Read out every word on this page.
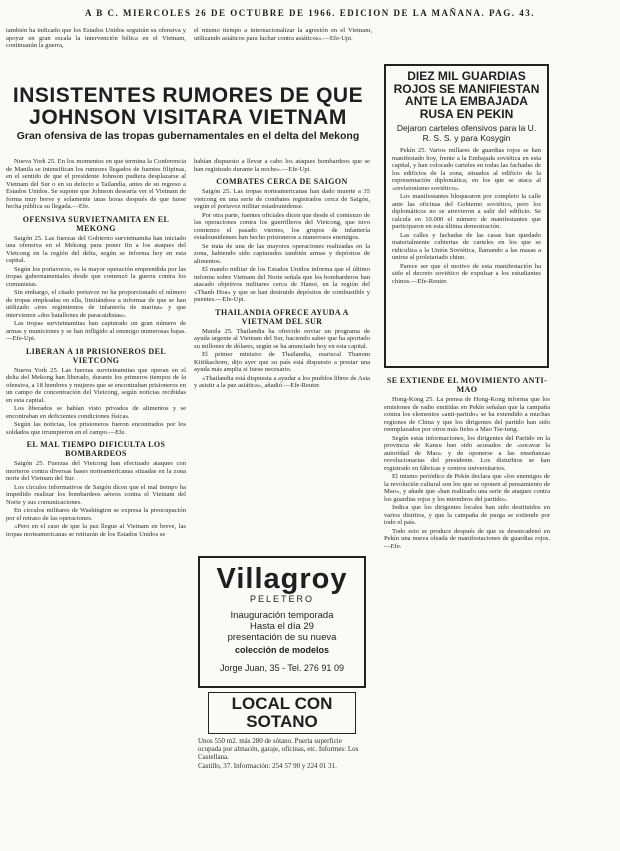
A B C. MIERCOLES 26 DE OCTUBRE DE 1966. EDICION DE LA MAÑANA. PAG. 43.

también ha indicado que los Estados Unidos seguirán su ofensiva y apoyar en gran escala la intervención bélica en el Vietnam, continuarán la guerra,

el mismo tiempo a internacionalizar la agresión en el Vietnam, utilizando asiáticos para luchar contra asiáticos».—Efe-Upi.

INSISTENTES RUMORES DE QUE JOHNSON VISITARA VIETNAM
Gran ofensiva de las tropas gubernamentales en el delta del Mekong

Nueva York 25. En los momentos en que termina la Conferencia de Manila se intensifican los rumores llegados de fuentes filipinas, en el sentido de que el presidente Johnson pudiera desplazarse al Vietnam del Sur o en su defecto a Tailandia, antes de su regreso a Estados Unidos. Se supone que Johnson desearía ver el Vietnam de forma muy breve y solamente unas horas después de que fuese hecha pública su llegada.—Efe.

OFENSIVA SURVIETNAMITA EN EL MEKONG

Saigón 25. Las fuerzas del Gobierno survietnamita han iniciado una ofensiva en el Mekong para poner fin a los ataques del Vietcong en la región del delta, según se informa hoy en esta capital.

Según los portavoces, es la mayor operación emprendida por las tropas gubernamentales desde que comenzó la guerra contra los comunistas.

Sin embargo, el citado portavoz no ha proporcionado el número de tropas empleadas en ella, limitándose a informar de que se han utilizado «tres regimientos de infantería de marina» y que intervienen «dos batallones de paracaidistas».

Las tropas survietnamitas han capturado un gran número de armas y municiones y se han infligido al enemigo numerosas bajas.—Efe-Upi.

LIBERAN A 18 PRISIONEROS DEL VIETCONG

Nueva York 25. Las fuerzas survietnamitas que operan en el delta del Mekong han liberado, durante los primeros tiempos de la ofensiva, a 18 hombres y mujeres que se encontraban prisioneros en un campo de concentración del Vietcong, según noticias recibidas en esta capital.

Los liberados se habían visto privados de alimentos y se encontraban en deficientes condiciones físicas.

Según las noticias, los prisioneros fueron encontrados por los soldados que irrumpieron en el campo.—Efe.

EL MAL TIEMPO DIFICULTA LOS BOMBARDEOS

Saigón 25. Fuerzas del Vietcong han efectuado ataques con morteros contra diversas bases norteamericanas situadas en la zona norte del Vietnam del Sur.

Los círculos informativos de Saigón dicen que el mal tiempo ha impedido realizar los bombardeos aéreos contra el Vietnam del Norte y sus comunicaciones.

En círculos militares de Washington se expresa la preocupación por el retraso de las operaciones.

«Pero en el caso de que la paz llegue al Vietnam en breve, las tropas norteamericanas se retirarán de los Estados Unidos se

habían dispuesto a llevar a cabo los ataques bombardeos que se han registrado durante la noche».—Efe-Upi.

COMBATES CERCA DE SAIGON

Saigón 25. Las tropas norteamericanas han dado muerte a 35 vietcong en una serie de combates registrados cerca de Saigón, según el portavoz militar estadounidense.

Por otra parte, fuentes oficiales dicen que desde el comienzo de las operaciones contra los guerrilleros del Vietcong, que tuvo comienzo el pasado viernes, los grupos de infantería estadounidenses han hecho prisioneros a numerosos enemigos.

Se trata de una de las mayores operaciones realizadas en la zona, habiendo sido capturados también armas y depósitos de alimentos.

El mando militar de los Estados Unidos informa que el último informe sobre Vietnam del Norte señala que los bombarderos han atacado objetivos militares cerca de Hanoi, en la región del «Thanh Hoa» y que se han destruido depósitos de combustible y puentes.—Efe-Upi.

THAILANDIA OFRECE AYUDA A VIETNAM DEL SUR

Manila 25. Thailandia ha ofrecido enviar un programa de ayuda urgente al Vietnam del Sur, haciendo saber que ha aportado su millones de dólares, según se ha anunciado hoy en esta capital.

El primer ministro de Thailandia, mariscal Thanom Kittikachorn, dijo ayer que su país está dispuesto a prestar una ayuda más amplia si fuese necesario.

«Thailandia está dispuesta a ayudar a los pueblos libres de Asia y asistir a la paz asiática», añadió.—Efe-Reuter.

DIEZ MIL GUARDIAS ROJOS SE MANIFIESTAN ANTE LA EMBAJADA RUSA EN PEKIN
Dejaron carteles ofensivos para la U. R. S. S. y para Kosygin

Pekín 25. Varios millares de guardias rojos se han manifestado hoy, frente a la Embajada soviética en esta capital, y han colocado carteles en todas las fachadas de los edificios de la zona, situados al edificio de la representación diplomática, en los que se ataca al «revisionismo soviético».

Los manifestantes bloquearon por completo la calle ante las oficinas del Gobierno soviético, pero los diplomáticos no se atrevieron a salir del edificio. Se calcula en 10.000 el número de manifestantes que participaron en esta última demostración.

Las calles y fachadas de las casas han quedado materialmente cubiertas de carteles en los que se ridiculiza a la Unión Soviética, llamando a las masas a unirse al proletariado chino.

Parece ser que el motivo de esta manifestación ha sido el decreto soviético de expulsar a los estudiantes chinos.—Efe-Reuter.

SE EXTIENDE EL MOVIMIENTO ANTI-MAO

Hong-Kong 25. La prensa de Hong-Kong informa que los emisiones de radio emitidas en Pekín señalan que la campaña contra los elementos «anti-partido» se ha extendido a muchas regiones de China y que los dirigentes del partido han sido reemplazados por otros más fieles a Mao Tse-tung.

Según estas informaciones, los dirigentes del Partido en la provincia de Kansu han sido acusados de «socavar la autoridad de Mao» y de oponerse a las enseñanzas revolucionarias del presidente. Los disturbios se han registrado en fábricas y centros universitarios.

El mismo periódico de Pekín declara que «los enemigos de la revolución cultural son los que se oponen al pensamiento de Mao», y añade que «han realizado una serie de ataques contra los guardias rojos y los miembros del partido».

Indica que los dirigentes locales han sido destituidos en varios distritos, y que la campaña de purga se extiende por todo el país.

Todo esto se produce después de que se desencadenó en Pekín una nueva oleada de manifestaciones de guardias rojos.—Efe.

Villagroy
PELETERO
Inauguración temporada
Hasta el día 29
presentación de su nueva
colección de modelos
Jorge Juan, 35 - Tel. 276 91 09
LOCAL CON SOTANO

Unos 550 m2. más 280 de sótano. Puerta superficie ocupada por almacén, garaje, oficinas, etc. Informes: Los Castellana.

Castillo, 37. Información: 254 57 90 y 224 01 31.
